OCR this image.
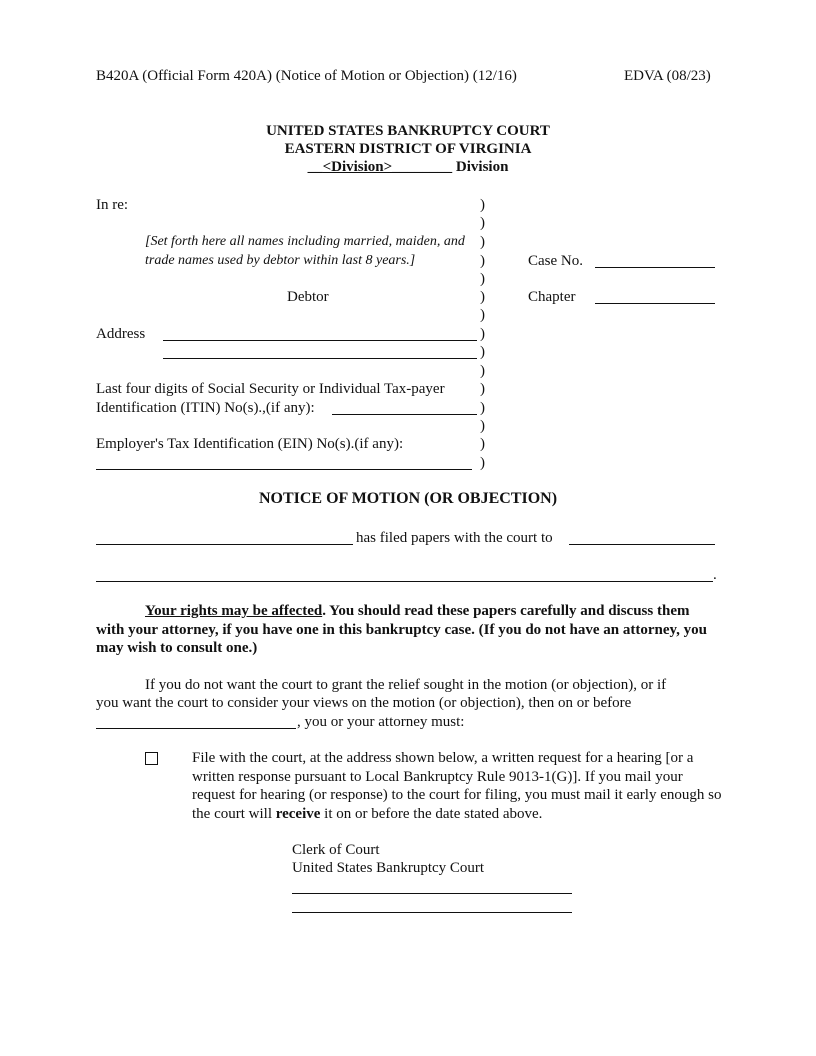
B420A (Official Form 420A) (Notice of Motion or Objection) (12/16)	EDVA (08/23)
UNITED STATES BANKRUPTCY COURT
EASTERN DISTRICT OF VIRGINIA
__<Division>________ Division
In re:
[Set forth here all names including married, maiden, and
trade names used by debtor within last 8 years.]
Debtor
Address
Last four digits of Social Security or Individual Tax-payer
Identification (ITIN) No(s).,(if any):
Employer's Tax Identification (EIN) No(s).(if any):
)
)
)
)
)
)
)
)
)
)
)
)
)
)
)
Case No.
Chapter
NOTICE OF MOTION (OR OBJECTION)
has filed papers with the court to
.
Your rights may be affected. You should read these papers carefully and discuss them with your attorney, if you have one in this bankruptcy case. (If you do not have an attorney, you may wish to consult one.)
If you do not want the court to grant the relief sought in the motion (or objection), or if
you want the court to consider your views on the motion (or objection), then on or before
, you or your attorney must:
File with the court, at the address shown below, a written request for a hearing [or a written response pursuant to Local Bankruptcy Rule 9013-1(G)]. If you mail your request for hearing (or response) to the court for filing, you must mail it early enough so the court will receive it on or before the date stated above.
Clerk of Court
United States Bankruptcy Court
